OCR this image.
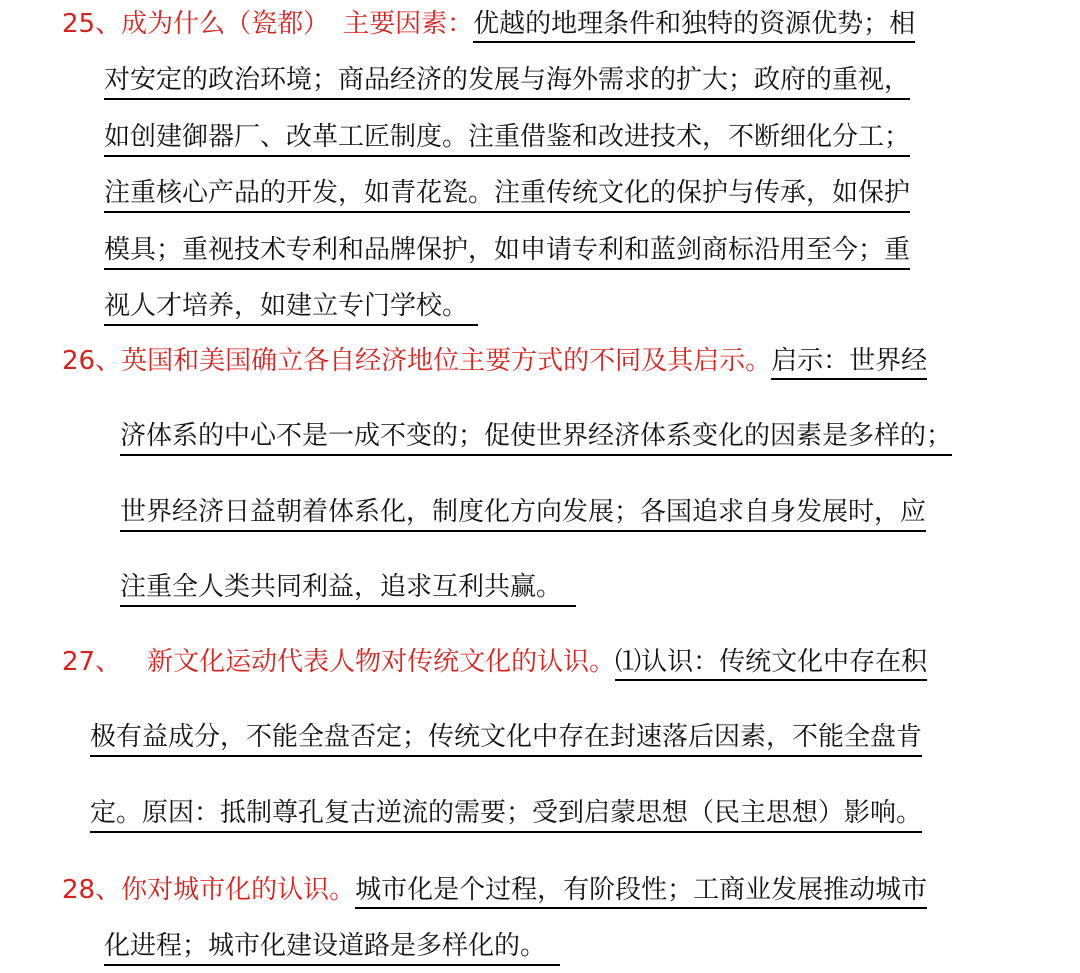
25、成为什么（瓷都） 主要因素：优越的地理条件和独特的资源优势；相
对安定的政治环境；商品经济的发展与海外需求的扩大；政府的重视，
如创建御器厂、改革工匠制度。注重借鉴和改进技术，不断细化分工；
注重核心产品的开发，如青花瓷。注重传统文化的保护与传承，如保护
模具；重视技术专利和品牌保护，如申请专利和蓝剑商标沿用至今；重
视人才培养，如建立专门学校。
26、英国和美国确立各自经济地位主要方式的不同及其启示。启示：世界经
济体系的中心不是一成不变的；促使世界经济体系变化的因素是多样的；
世界经济日益朝着体系化，制度化方向发展；各国追求自身发展时，应
注重全人类共同利益，追求互利共赢。
27、 新文化运动代表人物对传统文化的认识。⑴认识：传统文化中存在积
极有益成分，不能全盘否定；传统文化中存在封速落后因素，不能全盘肯
定。原因：抵制尊孔复古逆流的需要；受到启蒙思想（民主思想）影响。
28、你对城市化的认识。城市化是个过程，有阶段性；工商业发展推动城市
化进程；城市化建设道路是多样化的。
